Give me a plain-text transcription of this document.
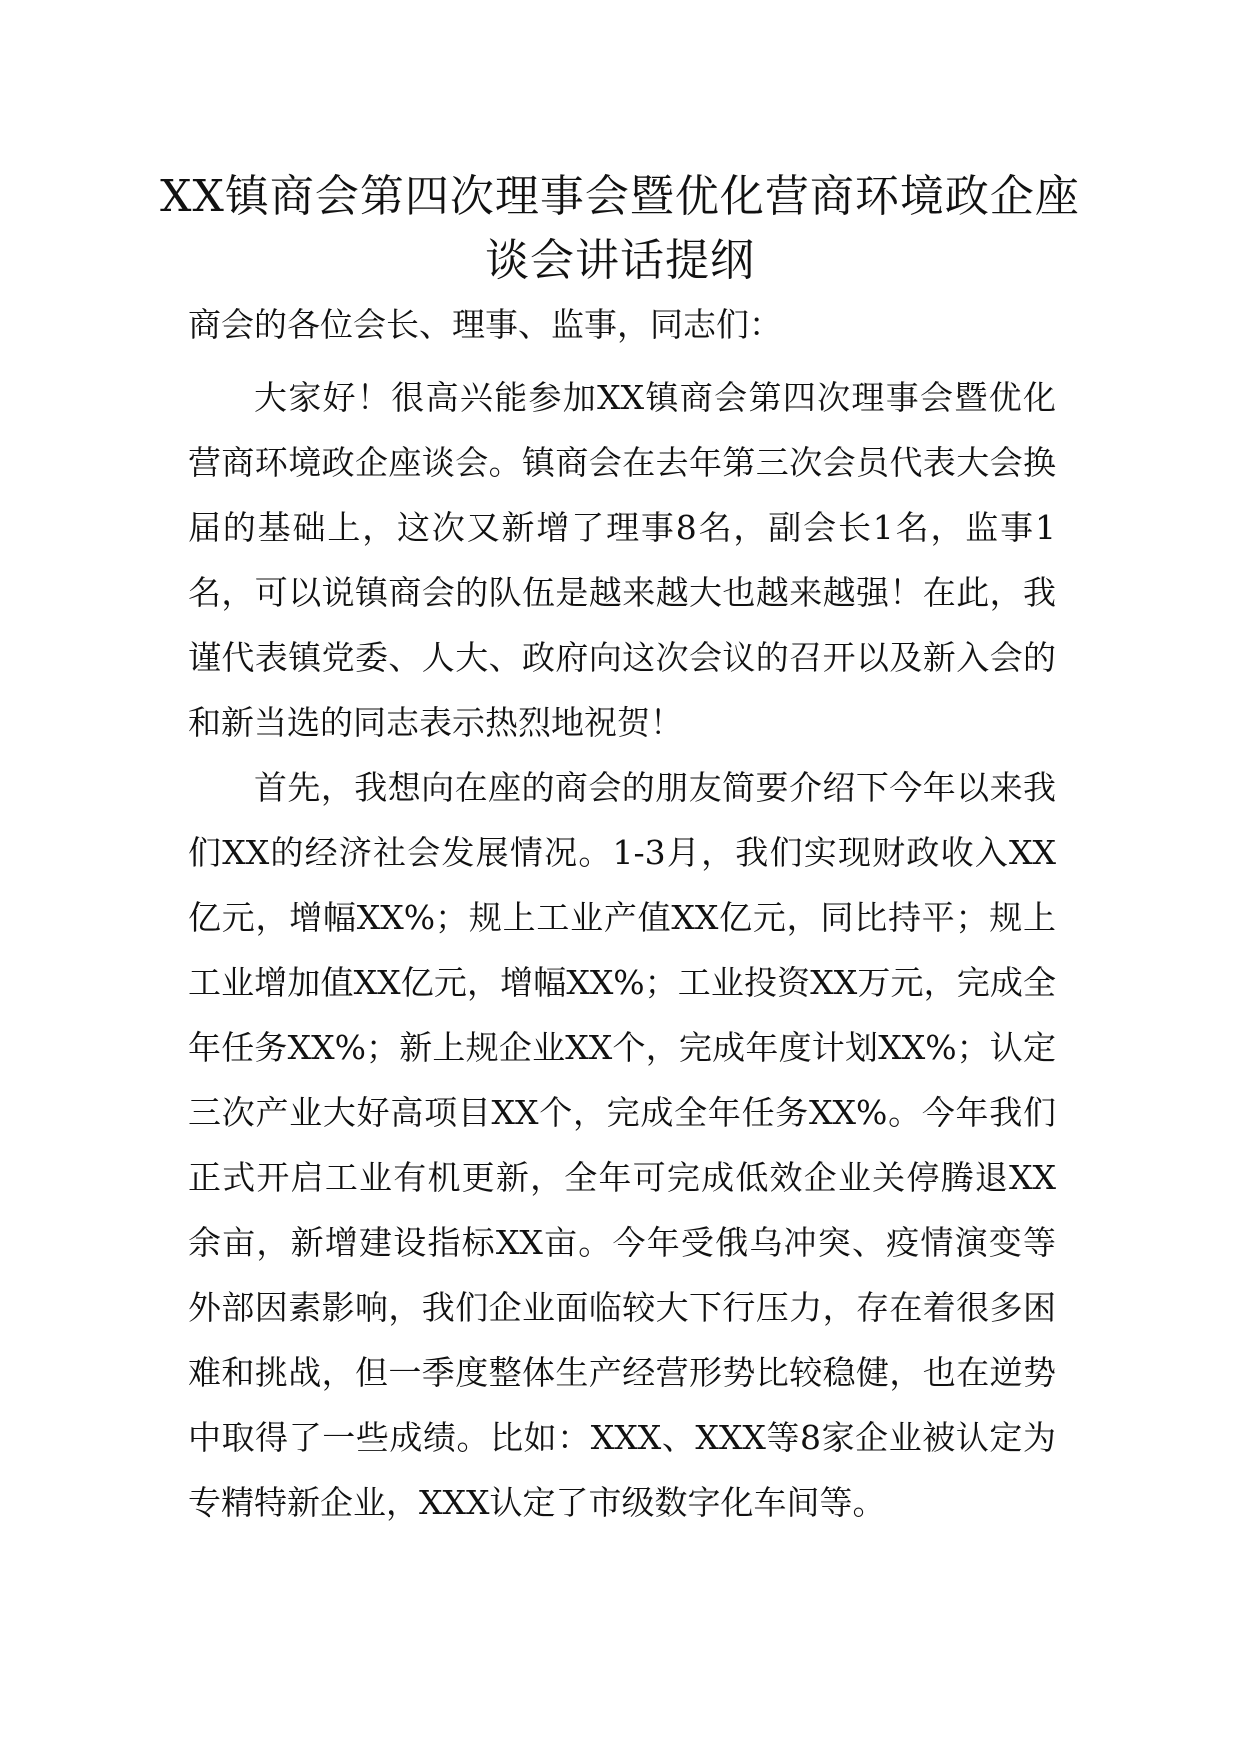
XX镇商会第四次理事会暨优化营商环境政企座谈会讲话提纲

商会的各位会长、理事、监事，同志们：

大家好！很高兴能参加XX镇商会第四次理事会暨优化营商环境政企座谈会。镇商会在去年第三次会员代表大会换届的基础上，这次又新增了理事8名，副会长1名，监事1名，可以说镇商会的队伍是越来越大也越来越强！在此，我谨代表镇党委、人大、政府向这次会议的召开以及新入会的和新当选的同志表示热烈地祝贺！

首先，我想向在座的商会的朋友简要介绍下今年以来我们XX的经济社会发展情况。1-3月，我们实现财政收入XX亿元，增幅XX%；规上工业产值XX亿元，同比持平；规上工业增加值XX亿元，增幅XX%；工业投资XX万元，完成全年任务XX%；新上规企业XX个，完成年度计划XX%；认定三次产业大好高项目XX个，完成全年任务XX%。今年我们正式开启工业有机更新，全年可完成低效企业关停腾退XX余亩，新增建设指标XX亩。今年受俄乌冲突、疫情演变等外部因素影响，我们企业面临较大下行压力，存在着很多困难和挑战，但一季度整体生产经营形势比较稳健，也在逆势中取得了一些成绩。比如：XXX、XXX等8家企业被认定为专精特新企业，XXX认定了市级数字化车间等。
